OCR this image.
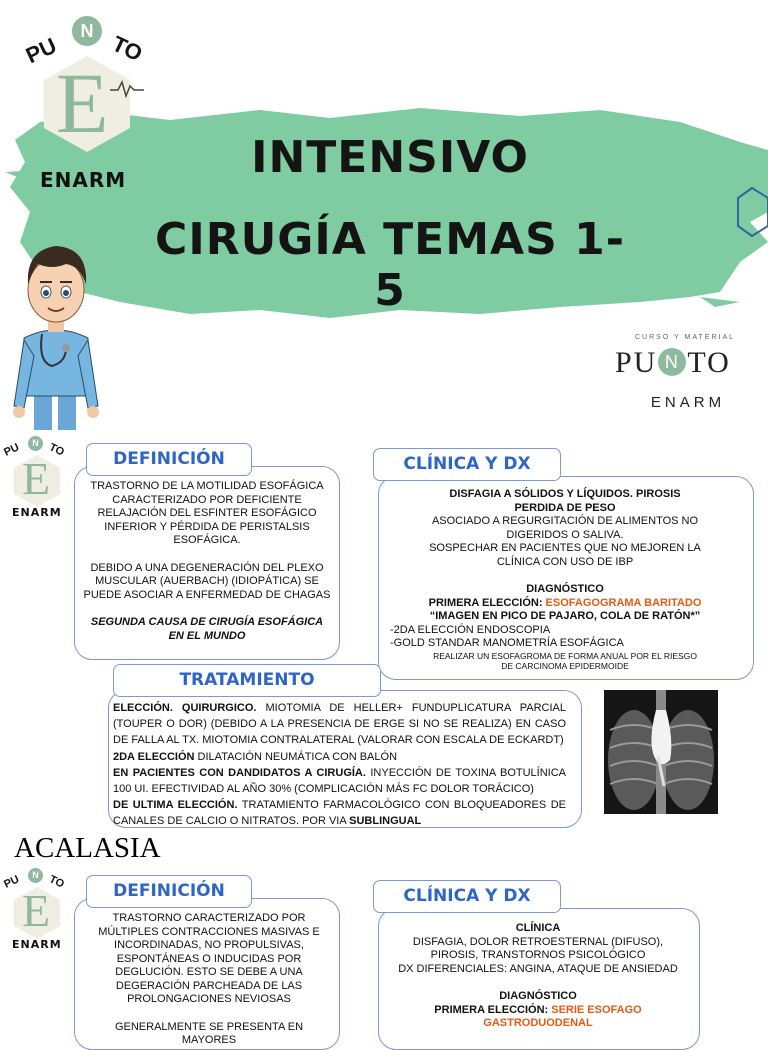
INTENSIVO
CIRUGÍA TEMAS 1-5
PU
N TO
E
ENARM
CURSO Y MATERIAL
PU N TO
ENARM
PU	N TO
E
ENARM
DEFINICIÓN

TRASTORNO DE LA MOTILIDAD ESOFÁGICA CARACTERIZADO POR DEFICIENTE RELAJACIÓN DEL ESFINTER ESOFÁGICO INFERIOR Y PÉRDIDA DE PERISTALSIS ESOFÁGICA.

DEBIDO A UNA DEGENERACIÓN DEL PLEXO MUSCULAR (AUERBACH) (IDIOPÁTICA) SE PUEDE ASOCIAR A ENFERMEDAD DE CHAGAS

SEGUNDA CAUSA DE CIRUGÍA ESOFÁGICA EN EL MUNDO

CLÍNICA Y DX

DISFAGIA A SÓLIDOS Y LÍQUIDOS. PIROSIS

PERDIDA DE PESO

ASOCIADO A REGURGITACIÓN DE ALIMENTOS NO DIGERIDOS O SALIVA.

SOSPECHAR EN PACIENTES QUE NO MEJOREN LA CLÍNICA CON USO DE IBP

DIAGNÓSTICO

PRIMERA ELECCIÓN: ESOFAGOGRAMA BARITADO

“IMAGEN EN PICO DE PAJARO, COLA DE RATÓN*”

-2DA ELECCIÓN ENDOSCOPIA

-GOLD STANDAR MANOMETRÍA ESOFÁGICA

REALIZAR UN ESOFAGROMA DE FORMA ANUAL POR EL RIESGO DE CARCINOMA EPIDERMOIDE

TRATAMIENTO

ELECCIÓN. QUIRURGICO. MIOTOMIA DE HELLER+ FUNDUPLICATURA PARCIAL (TOUPER O DOR) (DEBIDO A LA PRESENCIA DE ERGE SI NO SE REALIZA) EN CASO DE FALLA AL TX. MIOTOMIA CONTRALATERAL (VALORAR CON ESCALA DE ECKARDT)

2DA ELECCIÓN DILATACIÓN NEUMÁTICA CON BALÓN

EN PACIENTES CON DANDIDATOS A CIRUGÍA. INYECCIÓN DE TOXINA BOTULÍNICA 100 UI. EFECTIVIDAD AL AÑO 30% (COMPLICACIÓN MÁS FC DOLOR TORÁCICO)

DE ULTIMA ELECCIÓN. TRATAMIENTO FARMACOLÓGICO CON BLOQUEADORES DE CANALES DE CALCIO O NITRATOS. POR VIA SUBLINGUAL

ACALASIA
PU	N TO
E
ENARM
DEFINICIÓN

TRASTORNO CARACTERIZADO POR MÚLTIPLES CONTRACCIONES MASIVAS E INCORDINADAS, NO PROPULSIVAS, ESPONTÁNEAS O INDUCIDAS POR DEGLUCIÓN. ESTO SE DEBE A UNA DEGERACIÓN PARCHEADA DE LAS PROLONGACIONES NEVIOSAS

GENERALMENTE SE PRESENTA EN MAYORES

CLÍNICA Y DX

CLÍNICA

DISFAGIA, DOLOR RETROESTERNAL (DIFUSO),

PIROSIS, TRANSTORNOS PSICOLÓGICO

DX DIFERENCIALES: ANGINA, ATAQUE DE ANSIEDAD

DIAGNÓSTICO

PRIMERA ELECCIÓN: SERIE ESOFAGO GASTRODUODENAL
